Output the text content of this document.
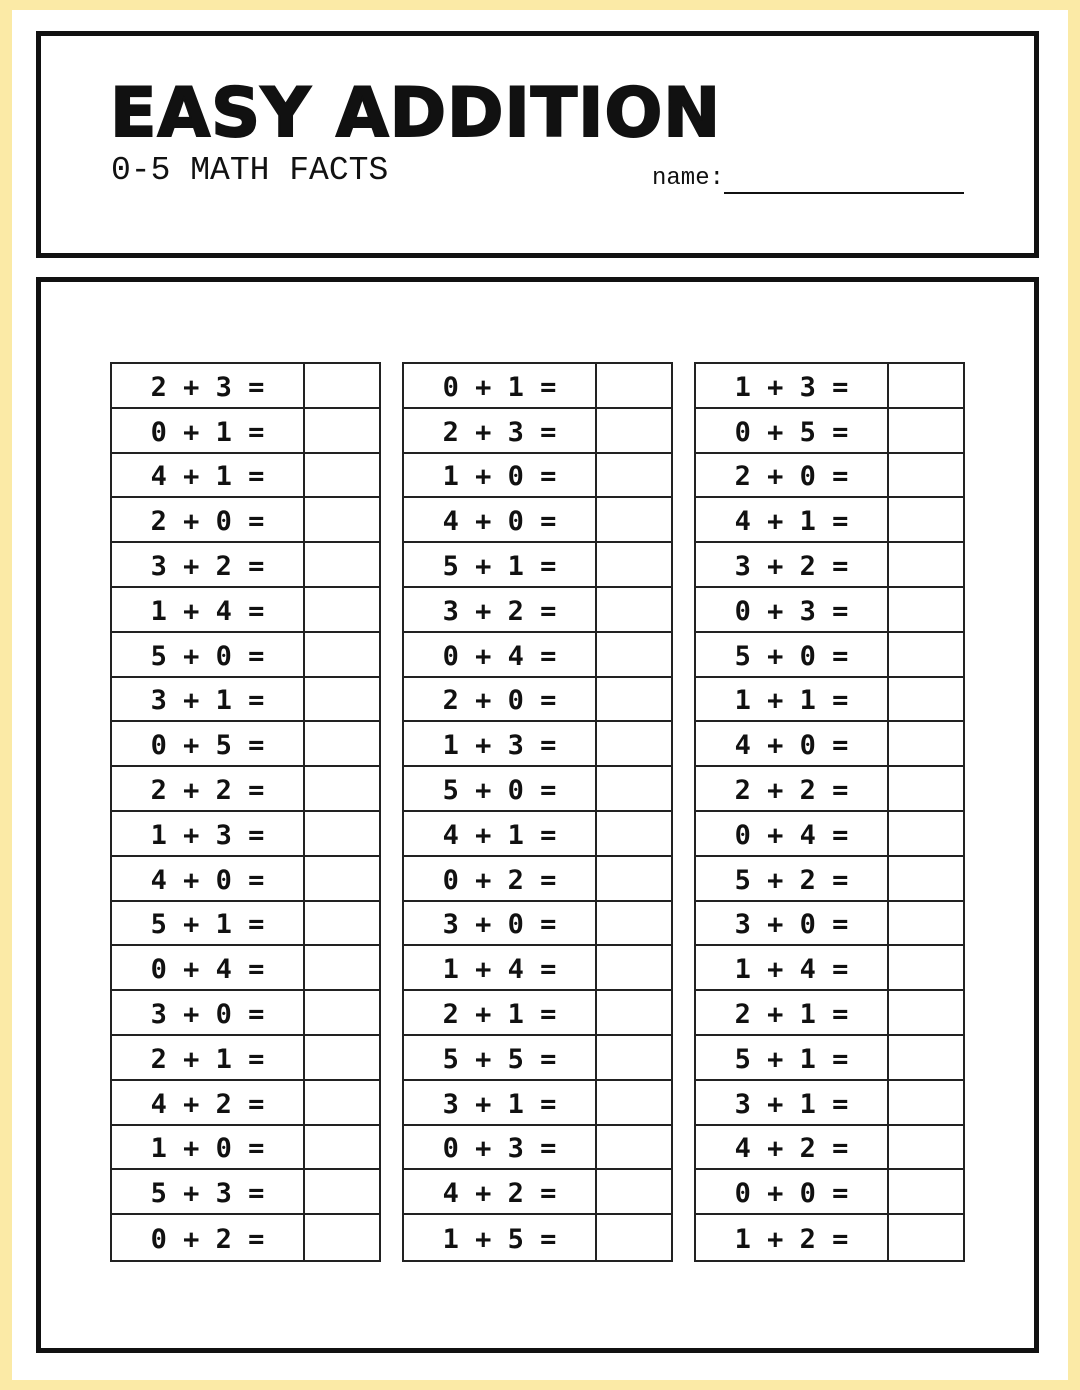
EASY ADDITION
0-5 MATH FACTS	name:
2 + 3 =
0 + 1 =
4 + 1 =
2 + 0 =
3 + 2 =
1 + 4 =
5 + 0 =
3 + 1 =
0 + 5 =
2 + 2 =
1 + 3 =
4 + 0 =
5 + 1 =
0 + 4 =
3 + 0 =
2 + 1 =
4 + 2 =
1 + 0 =
5 + 3 =
0 + 2 =
0 + 1 =
2 + 3 =
1 + 0 =
4 + 0 =
5 + 1 =
3 + 2 =
0 + 4 =
2 + 0 =
1 + 3 =
5 + 0 =
4 + 1 =
0 + 2 =
3 + 0 =
1 + 4 =
2 + 1 =
5 + 5 =
3 + 1 =
0 + 3 =
4 + 2 =
1 + 5 =
1 + 3 =
0 + 5 =
2 + 0 =
4 + 1 =
3 + 2 =
0 + 3 =
5 + 0 =
1 + 1 =
4 + 0 =
2 + 2 =
0 + 4 =
5 + 2 =
3 + 0 =
1 + 4 =
2 + 1 =
5 + 1 =
3 + 1 =
4 + 2 =
0 + 0 =
1 + 2 =
